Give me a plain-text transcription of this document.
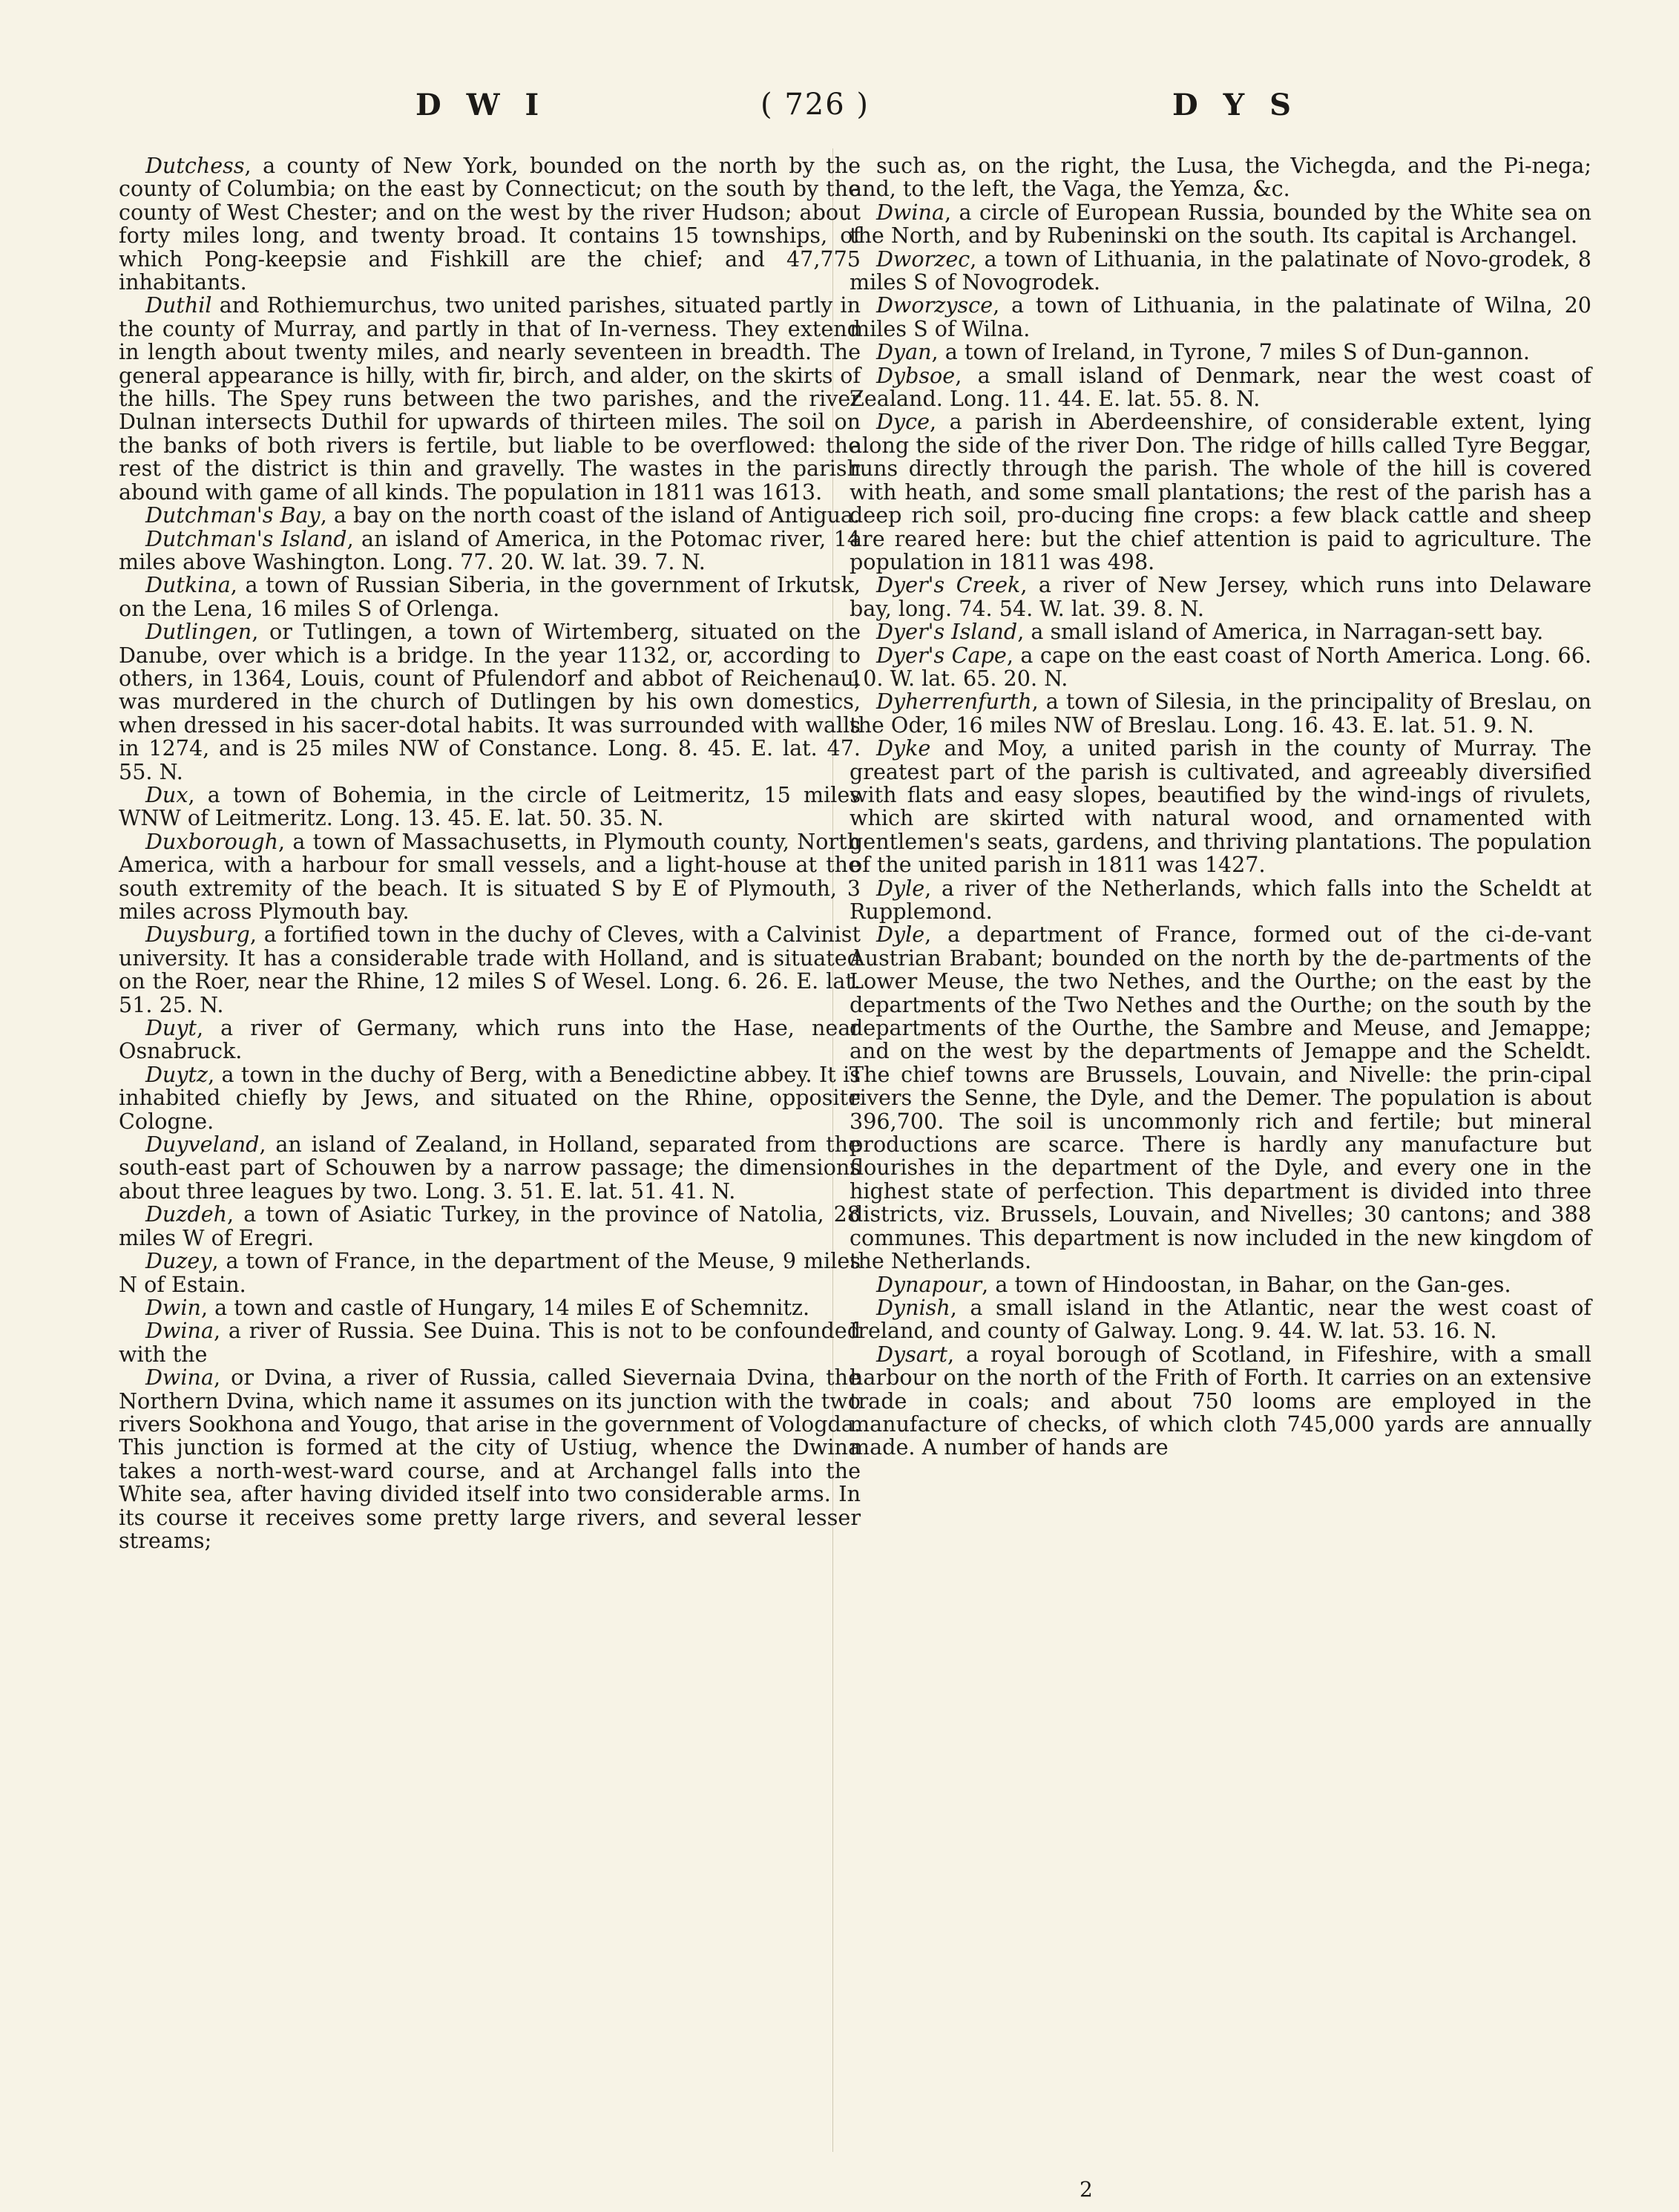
D W I	( 726 )	D Y S

Dutchess, a county of New York, bounded on the north by the county of Columbia; on the east by Connecticut; on the south by the county of West Chester; and on the west by the river Hudson; about forty miles long, and twenty broad. It contains 15 townships, of which Pong-keepsie and Fishkill are the chief; and 47,775 inhabitants.

Duthil and Rothiemurchus, two united parishes, situated partly in the county of Murray, and partly in that of In-verness. They extend in length about twenty miles, and nearly seventeen in breadth. The general appearance is hilly, with fir, birch, and alder, on the skirts of the hills. The Spey runs between the two parishes, and the river Dulnan intersects Duthil for upwards of thirteen miles. The soil on the banks of both rivers is fertile, but liable to be overflowed: the rest of the district is thin and gravelly. The wastes in the parish abound with game of all kinds. The population in 1811 was 1613.

Dutchman's Bay, a bay on the north coast of the island of Antigua.

Dutchman's Island, an island of America, in the Potomac river, 14 miles above Washington. Long. 77. 20. W. lat. 39. 7. N.

Dutkina, a town of Russian Siberia, in the government of Irkutsk, on the Lena, 16 miles S of Orlenga.

Dutlingen, or Tutlingen, a town of Wirtemberg, situated on the Danube, over which is a bridge. In the year 1132, or, according to others, in 1364, Louis, count of Pfulendorf and abbot of Reichenau, was murdered in the church of Dutlingen by his own domestics, when dressed in his sacer-dotal habits. It was surrounded with walls in 1274, and is 25 miles NW of Constance. Long. 8. 45. E. lat. 47. 55. N.

Dux, a town of Bohemia, in the circle of Leitmeritz, 15 miles WNW of Leitmeritz. Long. 13. 45. E. lat. 50. 35. N.

Duxborough, a town of Massachusetts, in Plymouth county, North America, with a harbour for small vessels, and a light-house at the south extremity of the beach. It is situated S by E of Plymouth, 3 miles across Plymouth bay.

Duysburg, a fortified town in the duchy of Cleves, with a Calvinist university. It has a considerable trade with Holland, and is situated on the Roer, near the Rhine, 12 miles S of Wesel. Long. 6. 26. E. lat. 51. 25. N.

Duyt, a river of Germany, which runs into the Hase, near Osnabruck.

Duytz, a town in the duchy of Berg, with a Benedictine abbey. It is inhabited chiefly by Jews, and situated on the Rhine, opposite Cologne.

Duyveland, an island of Zealand, in Holland, separated from the south-east part of Schouwen by a narrow passage; the dimensions about three leagues by two. Long. 3. 51. E. lat. 51. 41. N.

Duzdeh, a town of Asiatic Turkey, in the province of Natolia, 28 miles W of Eregri.

Duzey, a town of France, in the department of the Meuse, 9 miles N of Estain.

Dwin, a town and castle of Hungary, 14 miles E of Schemnitz.

Dwina, a river of Russia. See Duina. This is not to be confounded with the

Dwina, or Dvina, a river of Russia, called Sievernaia Dvina, the Northern Dvina, which name it assumes on its junction with the two rivers Sookhona and Yougo, that arise in the government of Vologda. This junction is formed at the city of Ustiug, whence the Dwina takes a north-west-ward course, and at Archangel falls into the White sea, after having divided itself into two considerable arms. In its course it receives some pretty large rivers, and several lesser streams;

such as, on the right, the Lusa, the Vichegda, and the Pi-nega; and, to the left, the Vaga, the Yemza, &c.

Dwina, a circle of European Russia, bounded by the White sea on the North, and by Rubeninski on the south. Its capital is Archangel.

Dworzec, a town of Lithuania, in the palatinate of Novo-grodek, 8 miles S of Novogrodek.

Dworzysce, a town of Lithuania, in the palatinate of Wilna, 20 miles S of Wilna.

Dyan, a town of Ireland, in Tyrone, 7 miles S of Dun-gannon.

Dybsoe, a small island of Denmark, near the west coast of Zealand. Long. 11. 44. E. lat. 55. 8. N.

Dyce, a parish in Aberdeenshire, of considerable extent, lying along the side of the river Don. The ridge of hills called Tyre Beggar, runs directly through the parish. The whole of the hill is covered with heath, and some small plantations; the rest of the parish has a deep rich soil, pro-ducing fine crops: a few black cattle and sheep are reared here: but the chief attention is paid to agriculture. The population in 1811 was 498.

Dyer's Creek, a river of New Jersey, which runs into Delaware bay, long. 74. 54. W. lat. 39. 8. N.

Dyer's Island, a small island of America, in Narragan-sett bay.

Dyer's Cape, a cape on the east coast of North America. Long. 66. 10. W. lat. 65. 20. N.

Dyherrenfurth, a town of Silesia, in the principality of Breslau, on the Oder, 16 miles NW of Breslau. Long. 16. 43. E. lat. 51. 9. N.

Dyke and Moy, a united parish in the county of Murray. The greatest part of the parish is cultivated, and agreeably diversified with flats and easy slopes, beautified by the wind-ings of rivulets, which are skirted with natural wood, and ornamented with gentlemen's seats, gardens, and thriving plantations. The population of the united parish in 1811 was 1427.

Dyle, a river of the Netherlands, which falls into the Scheldt at Rupplemond.

Dyle, a department of France, formed out of the ci-de-vant Austrian Brabant; bounded on the north by the de-partments of the Lower Meuse, the two Nethes, and the Ourthe; on the east by the departments of the Two Nethes and the Ourthe; on the south by the departments of the Ourthe, the Sambre and Meuse, and Jemappe; and on the west by the departments of Jemappe and the Scheldt. The chief towns are Brussels, Louvain, and Nivelle: the prin-cipal rivers the Senne, the Dyle, and the Demer. The population is about 396,700. The soil is uncommonly rich and fertile; but mineral productions are scarce. There is hardly any manufacture but flourishes in the department of the Dyle, and every one in the highest state of perfection. This department is divided into three districts, viz. Brussels, Louvain, and Nivelles; 30 cantons; and 388 communes. This department is now included in the new kingdom of the Netherlands.

Dynapour, a town of Hindoostan, in Bahar, on the Gan-ges.

Dynish, a small island in the Atlantic, near the west coast of Ireland, and county of Galway. Long. 9. 44. W. lat. 53. 16. N.

Dysart, a royal borough of Scotland, in Fifeshire, with a small harbour on the north of the Frith of Forth. It carries on an extensive trade in coals; and about 750 looms are employed in the manufacture of checks, of which cloth 745,000 yards are annually made. A number of hands are

2
